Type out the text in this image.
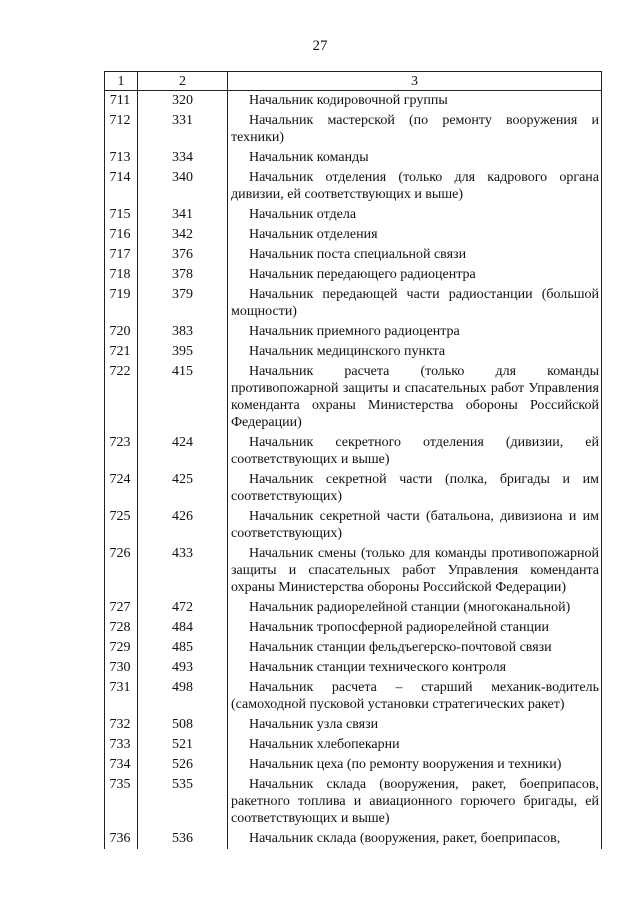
27
1	2	3
711	320	Начальник кодировочной группы
712	331	Начальник мастерской (по ремонту вооружения и техники)
713	334	Начальник команды
714	340	Начальник отделения (только для кадрового органа дивизии, ей соответствующих и выше)
715	341	Начальник отдела
716	342	Начальник отделения
717	376	Начальник поста специальной связи
718	378	Начальник передающего радиоцентра
719	379	Начальник передающей части радиостанции (большой мощности)
720	383	Начальник приемного радиоцентра
721	395	Начальник медицинского пункта
722	415	Начальник расчета (только для команды противопожарной защиты и спасательных работ Управления коменданта охраны Министерства обороны Российской Федерации)
723	424	Начальник секретного отделения (дивизии, ей соответствующих и выше)
724	425	Начальник секретной части (полка, бригады и им соответствующих)
725	426	Начальник секретной части (батальона, дивизиона и им соответствующих)
726	433	Начальник смены (только для команды противопожарной защиты и спасательных работ Управления коменданта охраны Министерства обороны Российской Федерации)
727	472	Начальник радиорелейной станции (многоканальной)
728	484	Начальник тропосферной радиорелейной станции
729	485	Начальник станции фельдъегерско-почтовой связи
730	493	Начальник станции технического контроля
731	498	Начальник расчета – старший механик-водитель (самоходной пусковой установки стратегических ракет)
732	508	Начальник узла связи
733	521	Начальник хлебопекарни
734	526	Начальник цеха (по ремонту вооружения и техники)
735	535	Начальник склада (вооружения, ракет, боеприпасов, ракетного топлива и авиационного горючего бригады, ей соответствующих и выше)
736	536	Начальник склада (вооружения, ракет, боеприпасов,
